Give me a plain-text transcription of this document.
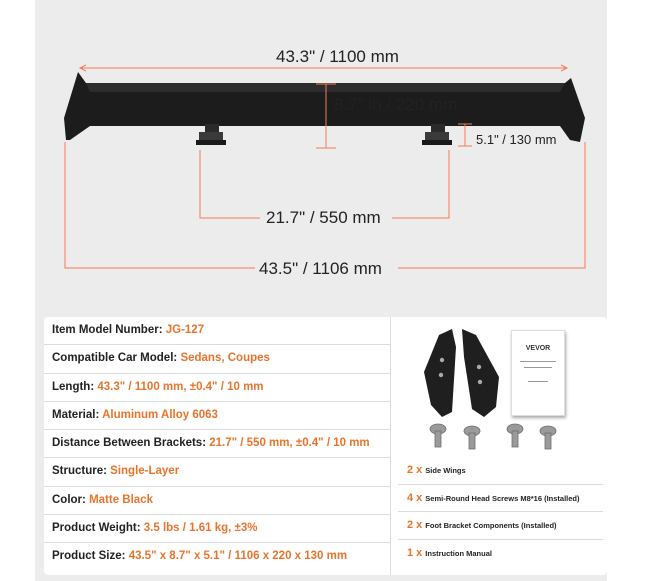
43.3" / 1100 mm
8.7" in / 220 mm
5.1" / 130 mm
21.7" / 550 mm
43.5" / 1106 mm
Item Model Number: JG-127
Compatible Car Model: Sedans, Coupes
Length: 43.3" / 1100 mm, ±0.4" / 10 mm
Material: Aluminum Alloy 6063
Distance Between Brackets: 21.7" / 550 mm, ±0.4" / 10 mm
Structure: Single-Layer
Color: Matte Black
Product Weight: 3.5 lbs / 1.61 kg, ±3%
Product Size: 43.5" x 8.7" x 5.1" / 1106 x 220 x 130 mm
VEVOR
2 x Side Wings
4 x Semi-Round Head Screws M8*16 (Installed)
2 x Foot Bracket Components (Installed)
1 x Instruction Manual
